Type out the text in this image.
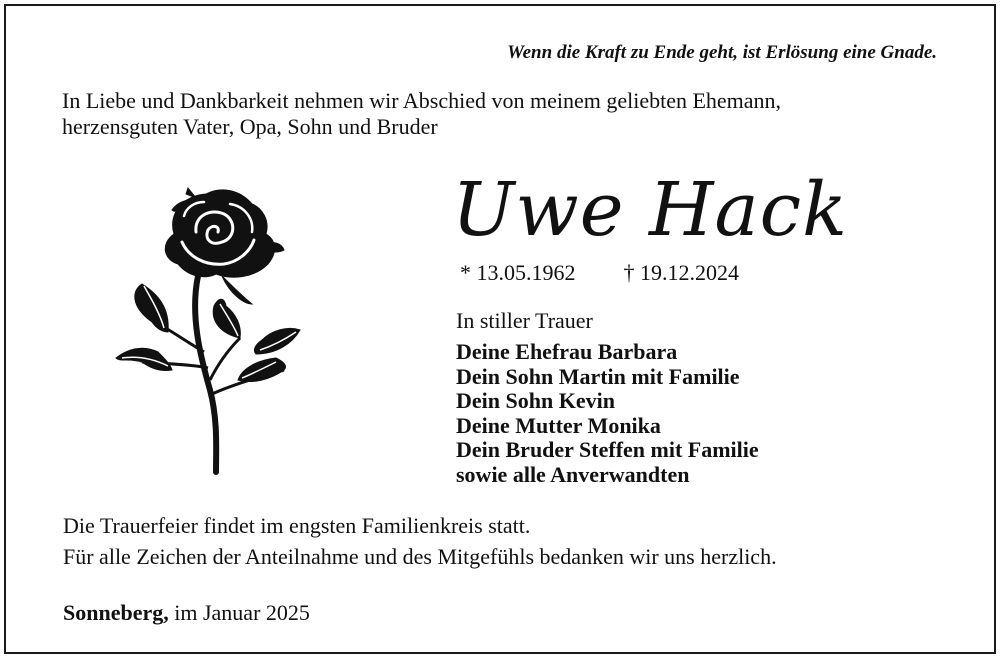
Wenn die Kraft zu Ende geht, ist Erlösung eine Gnade.
In Liebe und Dankbarkeit nehmen wir Abschied von meinem geliebten Ehemann,
herzensguten Vater, Opa, Sohn und Bruder
Uwe Hack
* 13.05.1962 † 19.12.2024
In stiller Trauer
Deine Ehefrau Barbara
Dein Sohn Martin mit Familie
Dein Sohn Kevin
Deine Mutter Monika
Dein Bruder Steffen mit Familie
sowie alle Anverwandten
Die Trauerfeier findet im engsten Familienkreis statt.
Für alle Zeichen der Anteilnahme und des Mitgefühls bedanken wir uns herzlich.
Sonneberg, im Januar 2025
